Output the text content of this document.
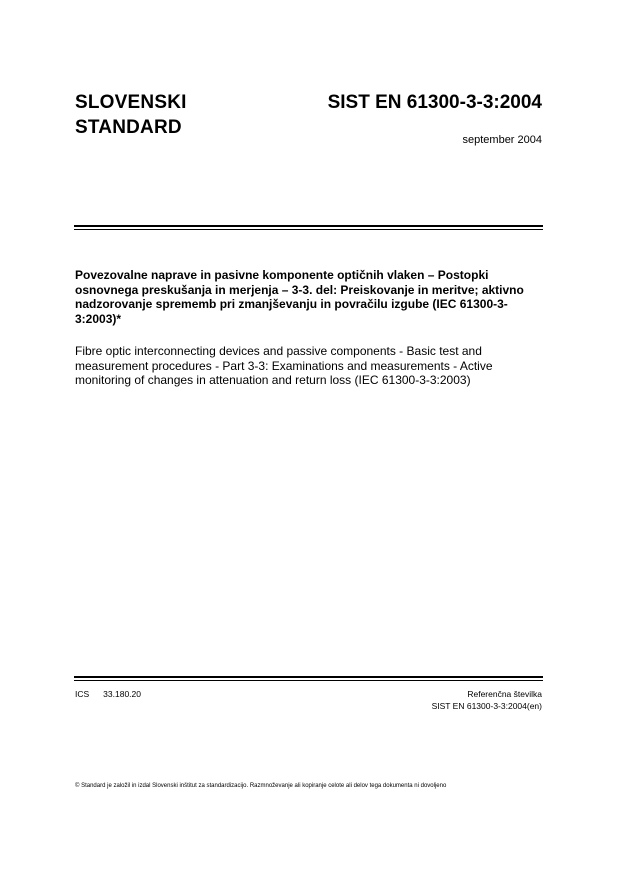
SLOVENSKI
STANDARD
SIST EN 61300-3-3:2004
september 2004
Povezovalne naprave in pasivne komponente optičnih vlaken – Postopki osnovnega preskušanja in merjenja – 3-3. del: Preiskovanje in meritve; aktivno nadzorovanje sprememb pri zmanjševanju in povračilu izgube (IEC 61300-3-3:2003)*
Fibre optic interconnecting devices and passive components - Basic test and measurement procedures - Part 3-3: Examinations and measurements - Active monitoring of changes in attenuation and return loss (IEC 61300-3-3:2003)
ICS 33.180.20	Referenčna številka
SIST EN 61300-3-3:2004(en)
© Standard je založil in izdal Slovenski inštitut za standardizacijo. Razmnoževanje ali kopiranje celote ali delov tega dokumenta ni dovoljeno
